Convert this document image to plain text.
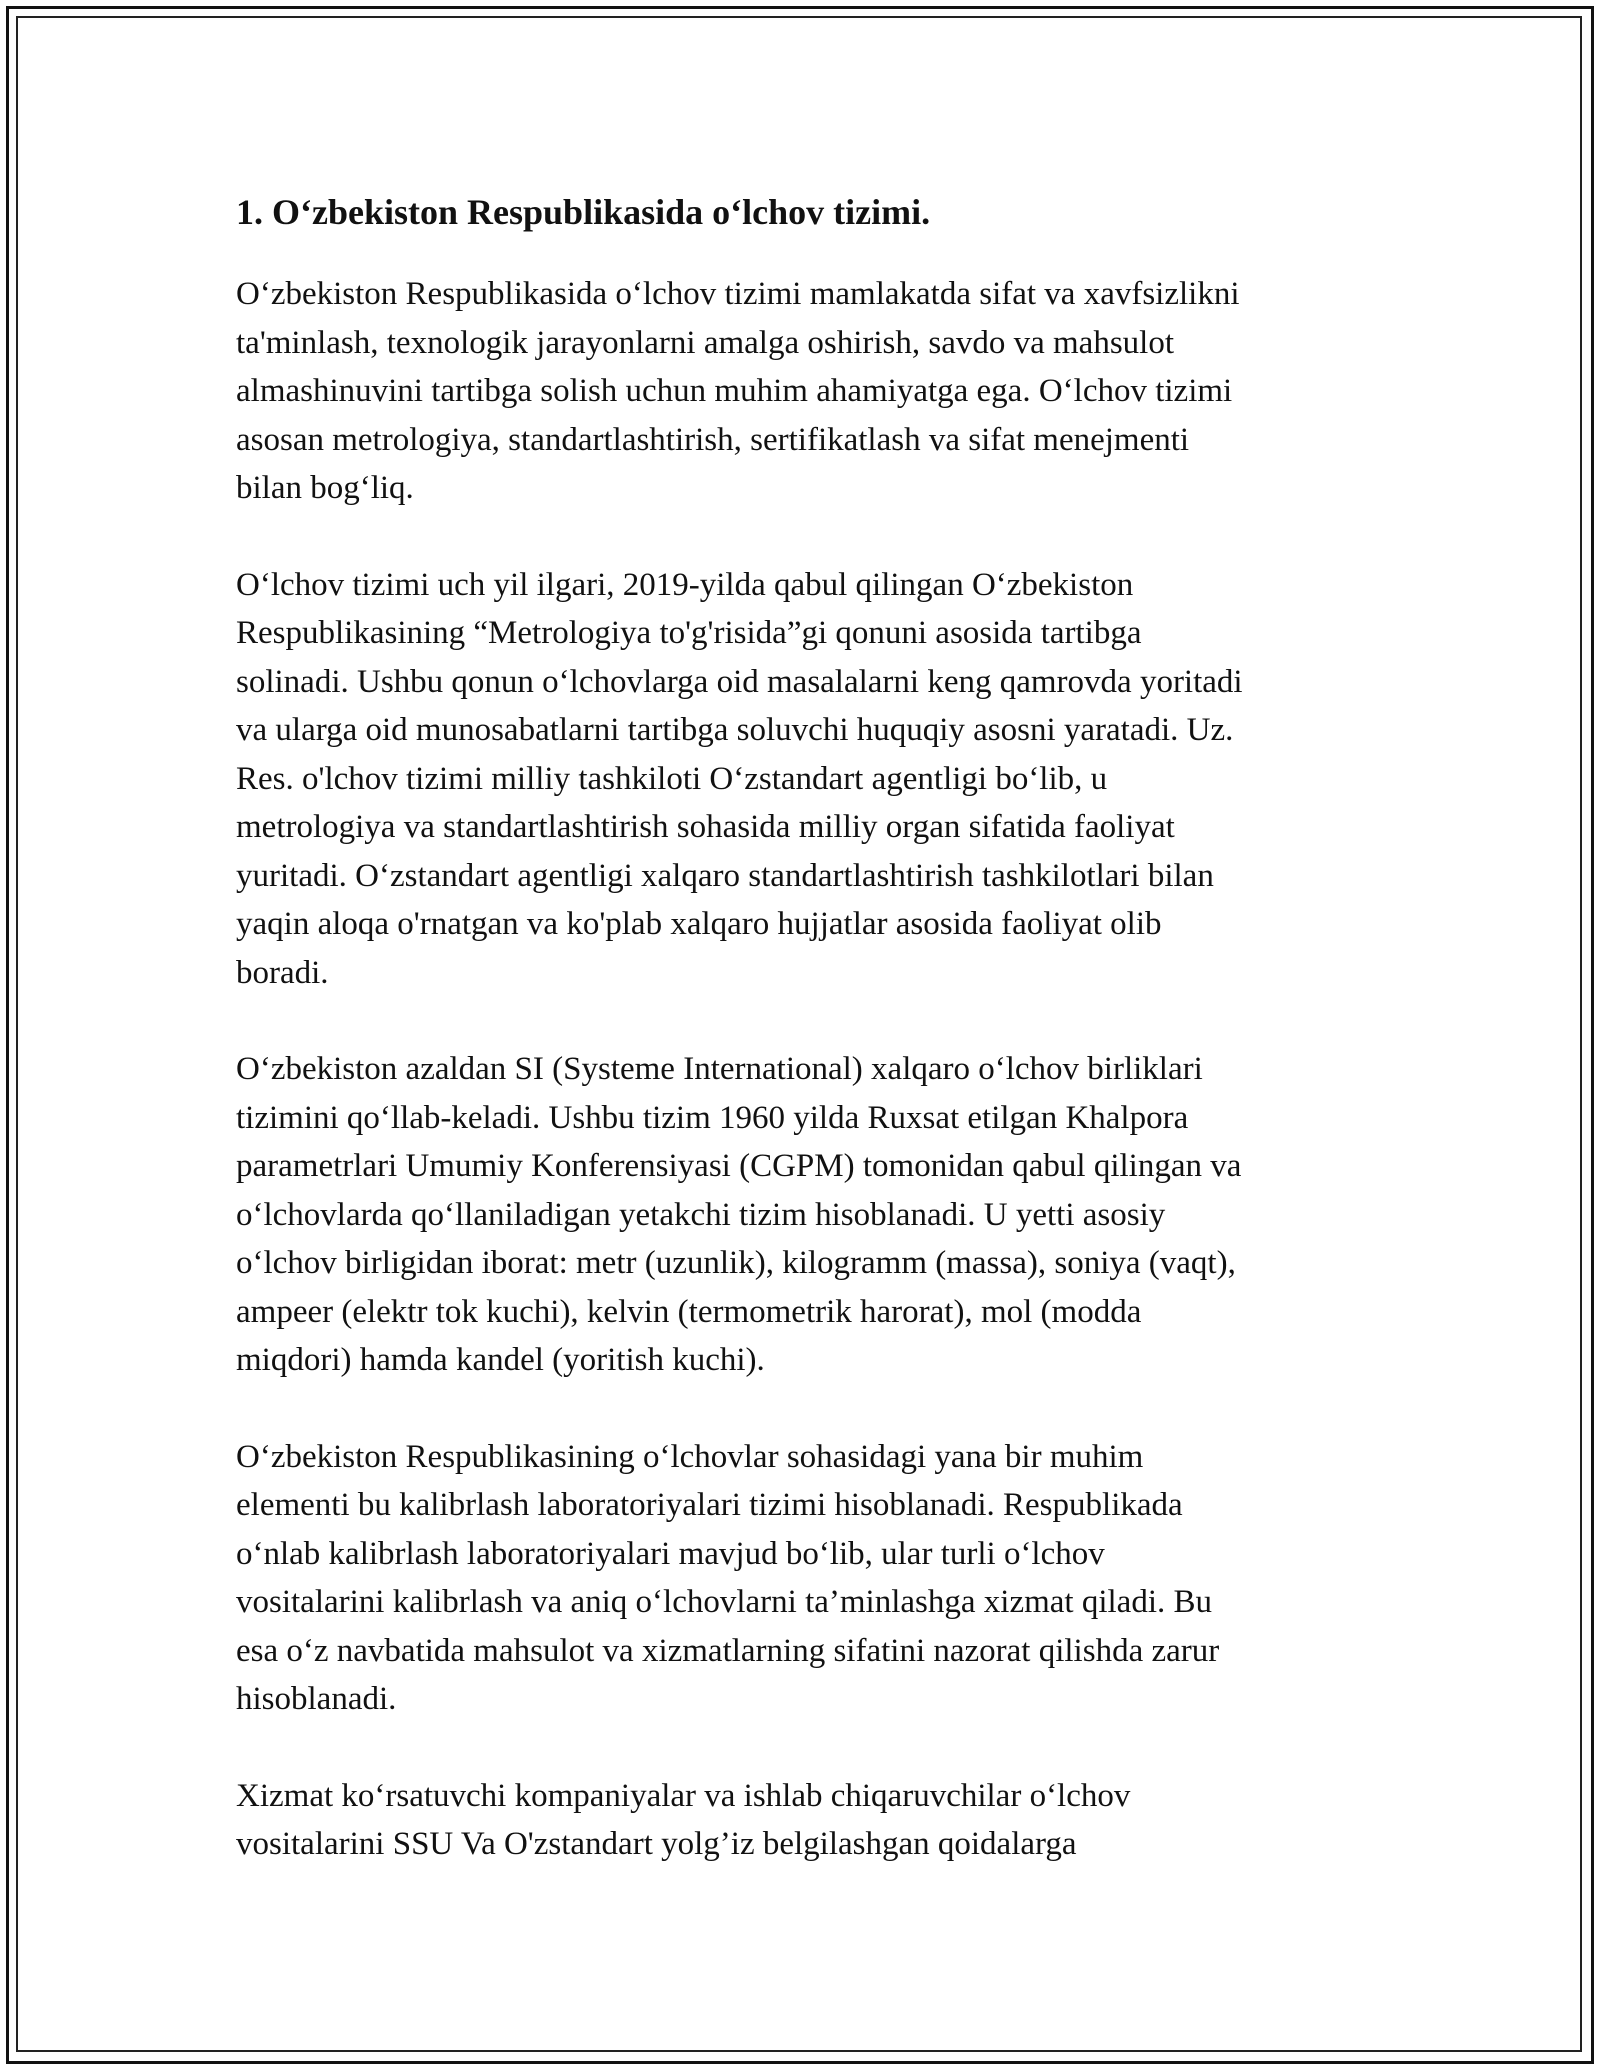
1. O‘zbekiston Respublikasida o‘lchov tizimi.

O‘zbekiston Respublikasida o‘lchov tizimi mamlakatda sifat va xavfsizlikni
ta'minlash, texnologik jarayonlarni amalga oshirish, savdo va mahsulot
almashinuvini tartibga solish uchun muhim ahamiyatga ega. O‘lchov tizimi
asosan metrologiya, standartlashtirish, sertifikatlash va sifat menejmenti
bilan bog‘liq.

O‘lchov tizimi uch yil ilgari, 2019-yilda qabul qilingan O‘zbekiston
Respublikasining “Metrologiya to'g'risida”gi qonuni asosida tartibga
solinadi. Ushbu qonun o‘lchovlarga oid masalalarni keng qamrovda yoritadi
va ularga oid munosabatlarni tartibga soluvchi huquqiy asosni yaratadi. Uz.
Res. o'lchov tizimi milliy tashkiloti O‘zstandart agentligi bo‘lib, u
metrologiya va standartlashtirish sohasida milliy organ sifatida faoliyat
yuritadi. O‘zstandart agentligi xalqaro standartlashtirish tashkilotlari bilan
yaqin aloqa o'rnatgan va ko'plab xalqaro hujjatlar asosida faoliyat olib
boradi.

O‘zbekiston azaldan SI (Systeme International) xalqaro o‘lchov birliklari
tizimini qo‘llab-keladi. Ushbu tizim 1960 yilda Ruxsat etilgan Khalpora
parametrlari Umumiy Konferensiyasi (CGPM) tomonidan qabul qilingan va
o‘lchovlarda qo‘llaniladigan yetakchi tizim hisoblanadi. U yetti asosiy
o‘lchov birligidan iborat: metr (uzunlik), kilogramm (massa), soniya (vaqt),
ampeer (elektr tok kuchi), kelvin (termometrik harorat), mol (modda
miqdori) hamda kandel (yoritish kuchi).

O‘zbekiston Respublikasining o‘lchovlar sohasidagi yana bir muhim
elementi bu kalibrlash laboratoriyalari tizimi hisoblanadi. Respublikada
o‘nlab kalibrlash laboratoriyalari mavjud bo‘lib, ular turli o‘lchov
vositalarini kalibrlash va aniq o‘lchovlarni ta’minlashga xizmat qiladi. Bu
esa o‘z navbatida mahsulot va xizmatlarning sifatini nazorat qilishda zarur
hisoblanadi.

Xizmat ko‘rsatuvchi kompaniyalar va ishlab chiqaruvchilar o‘lchov
vositalarini SSU Va O'zstandart yolg’iz belgilashgan qoidalarga
